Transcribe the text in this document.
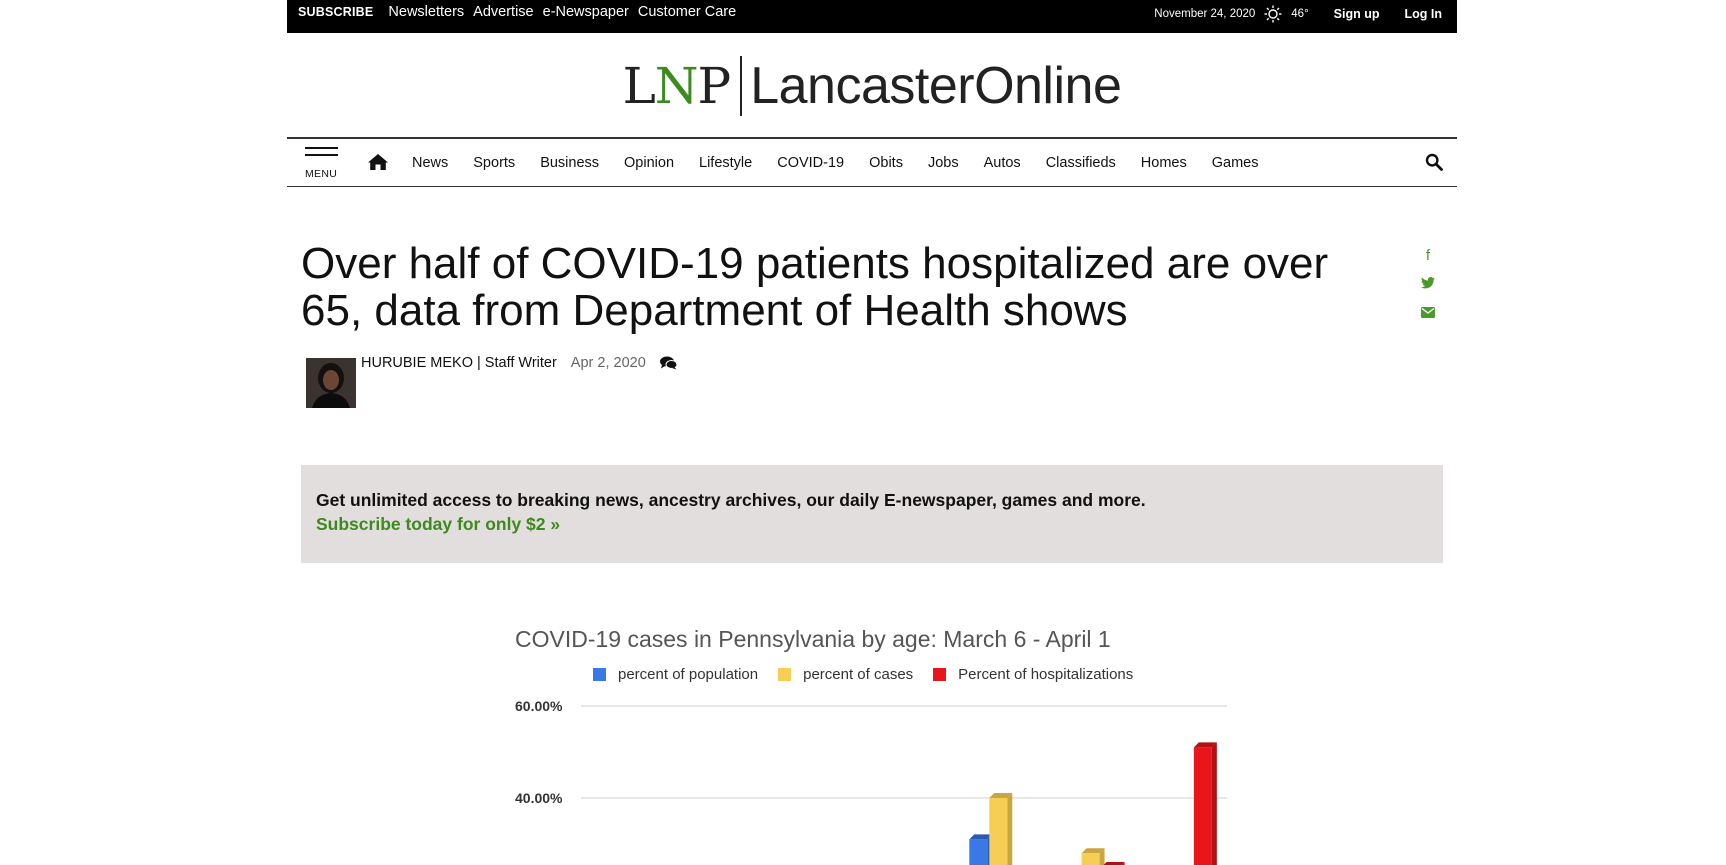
SUBSCRIBE Newsletters Advertise e-Newspaper Customer Care	November 24, 2020	46° Sign up Log In
LNP LancasterOnline
MENU
News Sports Business Opinion Lifestyle COVID-19 Obits Jobs Autos Classifieds Homes Games
Over half of COVID-19 patients hospitalized are over 65, data from Department of Health shows
f
HURUBIE MEKO | Staff Writer Apr 2, 2020
Get unlimited access to breaking news, ancestry archives, our daily E-newspaper, games and more.
Subscribe today for only $2 »
COVID-19 cases in Pennsylvania by age: March 6 - April 1
percent of population	percent of cases	Percent of hospitalizations
60.00%
40.00%
